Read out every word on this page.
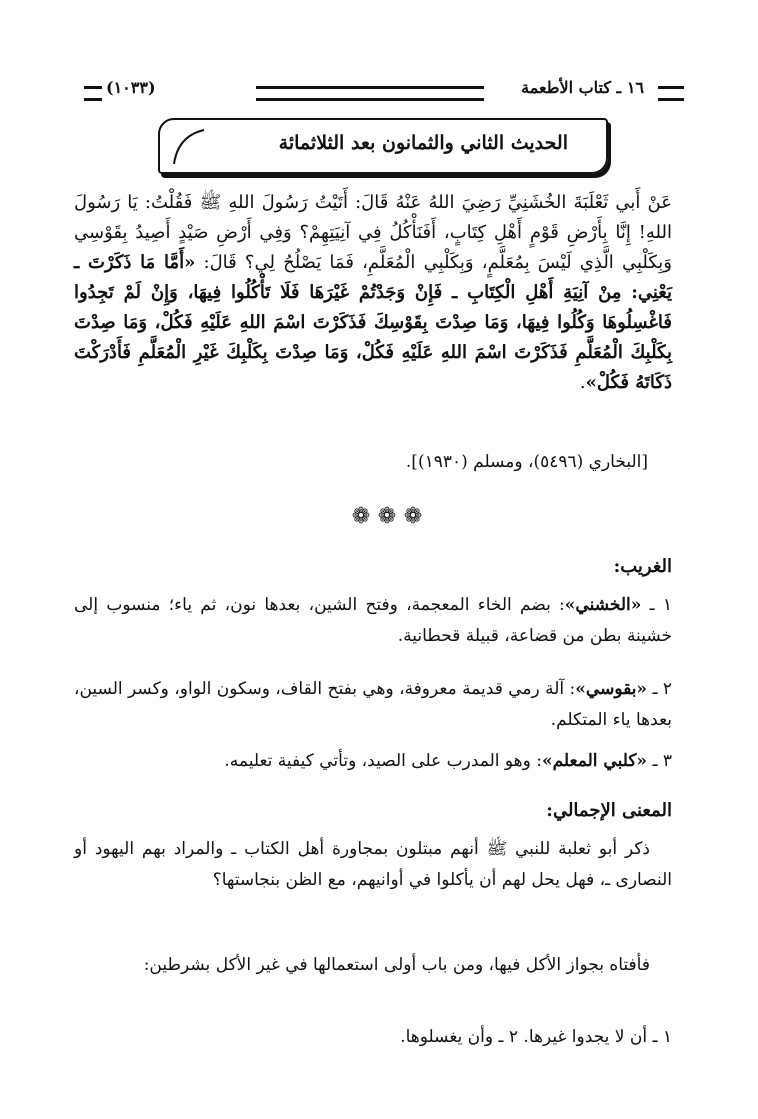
١٦ ـ كتاب الأطعمة
(١٠٣٣)
الحديث الثاني والثمانون بعد الثلاثمائة
عَنْ أَبي ثَعْلَبَةَ الخُشَنِيِّ رَضِيَ اللهُ عَنْهُ قَالَ: أَتَيْتُ رَسُولَ اللهِ ﷺ فَقُلْتُ: يَا رَسُولَ اللهِ! إِنَّا بِأَرْضِ قَوْمٍ أَهْلِ كِتَابٍ، أَفَنَأْكُلُ فِي آنِيَتِهِمْ؟ وَفِي أَرْضِ صَيْدٍ أَصِيدُ بِقَوْسِي وَبِكَلْبِي الَّذِي لَيْسَ بِمُعَلَّمٍ، وَبِكَلْبِي الْمُعَلَّمِ، فَمَا يَصْلُحُ لِي؟ قَالَ: «أَمَّا مَا ذَكَرْتَ ـ يَعْنِي: مِنْ آنِيَةِ أَهْلِ الْكِتَابِ ـ فَإِنْ وَجَدْتُمْ غَيْرَهَا فَلَا تَأْكُلُوا فِيهَا، وَإِنْ لَمْ تَجِدُوا فَاغْسِلُوهَا وَكُلُوا فِيهَا، وَمَا صِدْتَ بِقَوْسِكَ فَذَكَرْتَ اسْمَ اللهِ عَلَيْهِ فَكُلْ، وَمَا صِدْتَ بِكَلْبِكَ الْمُعَلَّمِ فَذَكَرْتَ اسْمَ اللهِ عَلَيْهِ فَكُلْ، وَمَا صِدْتَ بِكَلْبِكَ غَيْرِ الْمُعَلَّمِ فَأَدْرَكْتَ ذَكَاتَهُ فَكُلْ».
[البخاري (٥٤٩٦)، ومسلم (١٩٣٠)].
❁❁❁
الغريب:
١ ـ «الخشني»: بضم الخاء المعجمة، وفتح الشين، بعدها نون، ثم ياء؛ منسوب إلى خشينة بطن من قضاعة، قبيلة قحطانية.
٢ ـ «بقوسي»: آلة رمي قديمة معروفة، وهي بفتح القاف، وسكون الواو، وكسر السين، بعدها ياء المتكلم.
٣ ـ «كلبي المعلم»: وهو المدرب على الصيد، وتأتي كيفية تعليمه.
المعنى الإجمالي:
ذكر أبو ثعلبة للنبي ﷺ أنهم مبتلون بمجاورة أهل الكتاب ـ والمراد بهم اليهود أو النصارى ـ، فهل يحل لهم أن يأكلوا في أوانيهم، مع الظن بنجاستها؟
فأفتاه بجواز الأكل فيها، ومن باب أولى استعمالها في غير الأكل بشرطين:
١ ـ أن لا يجدوا غيرها. ٢ ـ وأن يغسلوها.
